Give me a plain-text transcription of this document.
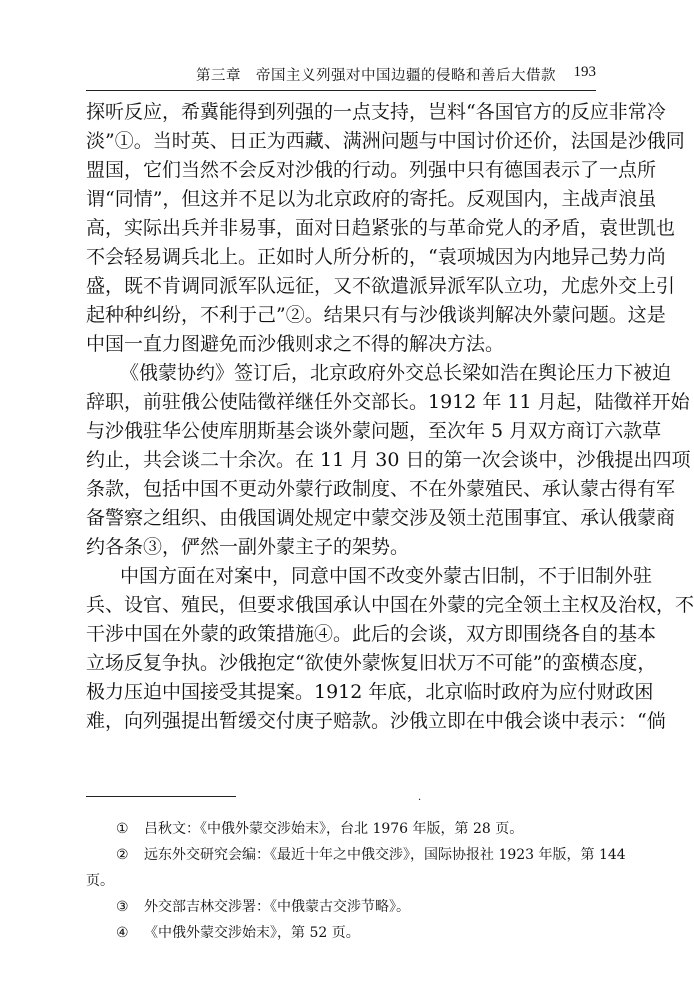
第三章　帝国主义列强对中国边疆的侵略和善后大借款 193
探听反应，希冀能得到列强的一点支持，岂料“各国官方的反应非常冷
淡”①。当时英、日正为西藏、满洲问题与中国讨价还价，法国是沙俄同
盟国，它们当然不会反对沙俄的行动。列强中只有德国表示了一点所
谓“同情”，但这并不足以为北京政府的寄托。反观国内，主战声浪虽
高，实际出兵并非易事，面对日趋紧张的与革命党人的矛盾，袁世凯也
不会轻易调兵北上。正如时人所分析的，“袁项城因为内地异己势力尚
盛，既不肯调同派军队远征，又不欲遣派异派军队立功，尤虑外交上引
起种种纠纷，不利于己”②。结果只有与沙俄谈判解决外蒙问题。这是
中国一直力图避免而沙俄则求之不得的解决方法。
《俄蒙协约》签订后，北京政府外交总长梁如浩在舆论压力下被迫
辞职，前驻俄公使陆徵祥继任外交部长。1912 年 11 月起，陆徵祥开始
与沙俄驻华公使库朋斯基会谈外蒙问题，至次年 5 月双方商订六款草
约止，共会谈二十余次。在 11 月 30 日的第一次会谈中，沙俄提出四项
条款，包括中国不更动外蒙行政制度、不在外蒙殖民、承认蒙古得有军
备警察之组织、由俄国调处规定中蒙交涉及领土范围事宜、承认俄蒙商
约各条③，俨然一副外蒙主子的架势。
中国方面在对案中，同意中国不改变外蒙古旧制，不于旧制外驻
兵、设官、殖民，但要求俄国承认中国在外蒙的完全领土主权及治权，不
干涉中国在外蒙的政策措施④。此后的会谈，双方即围绕各自的基本
立场反复争执。沙俄抱定“欲使外蒙恢复旧状万不可能”的蛮横态度，
极力压迫中国接受其提案。1912 年底，北京临时政府为应付财政困
难，向列强提出暂缓交付庚子赔款。沙俄立即在中俄会谈中表示：“倘
·
① 吕秋文：《中俄外蒙交涉始末》，台北 1976 年版，第 28 页。
② 远东外交研究会编：《最近十年之中俄交涉》，国际协报社 1923 年版，第 144
页。
③ 外交部吉林交涉署：《中俄蒙古交涉节略》。
④ 《中俄外蒙交涉始末》，第 52 页。
